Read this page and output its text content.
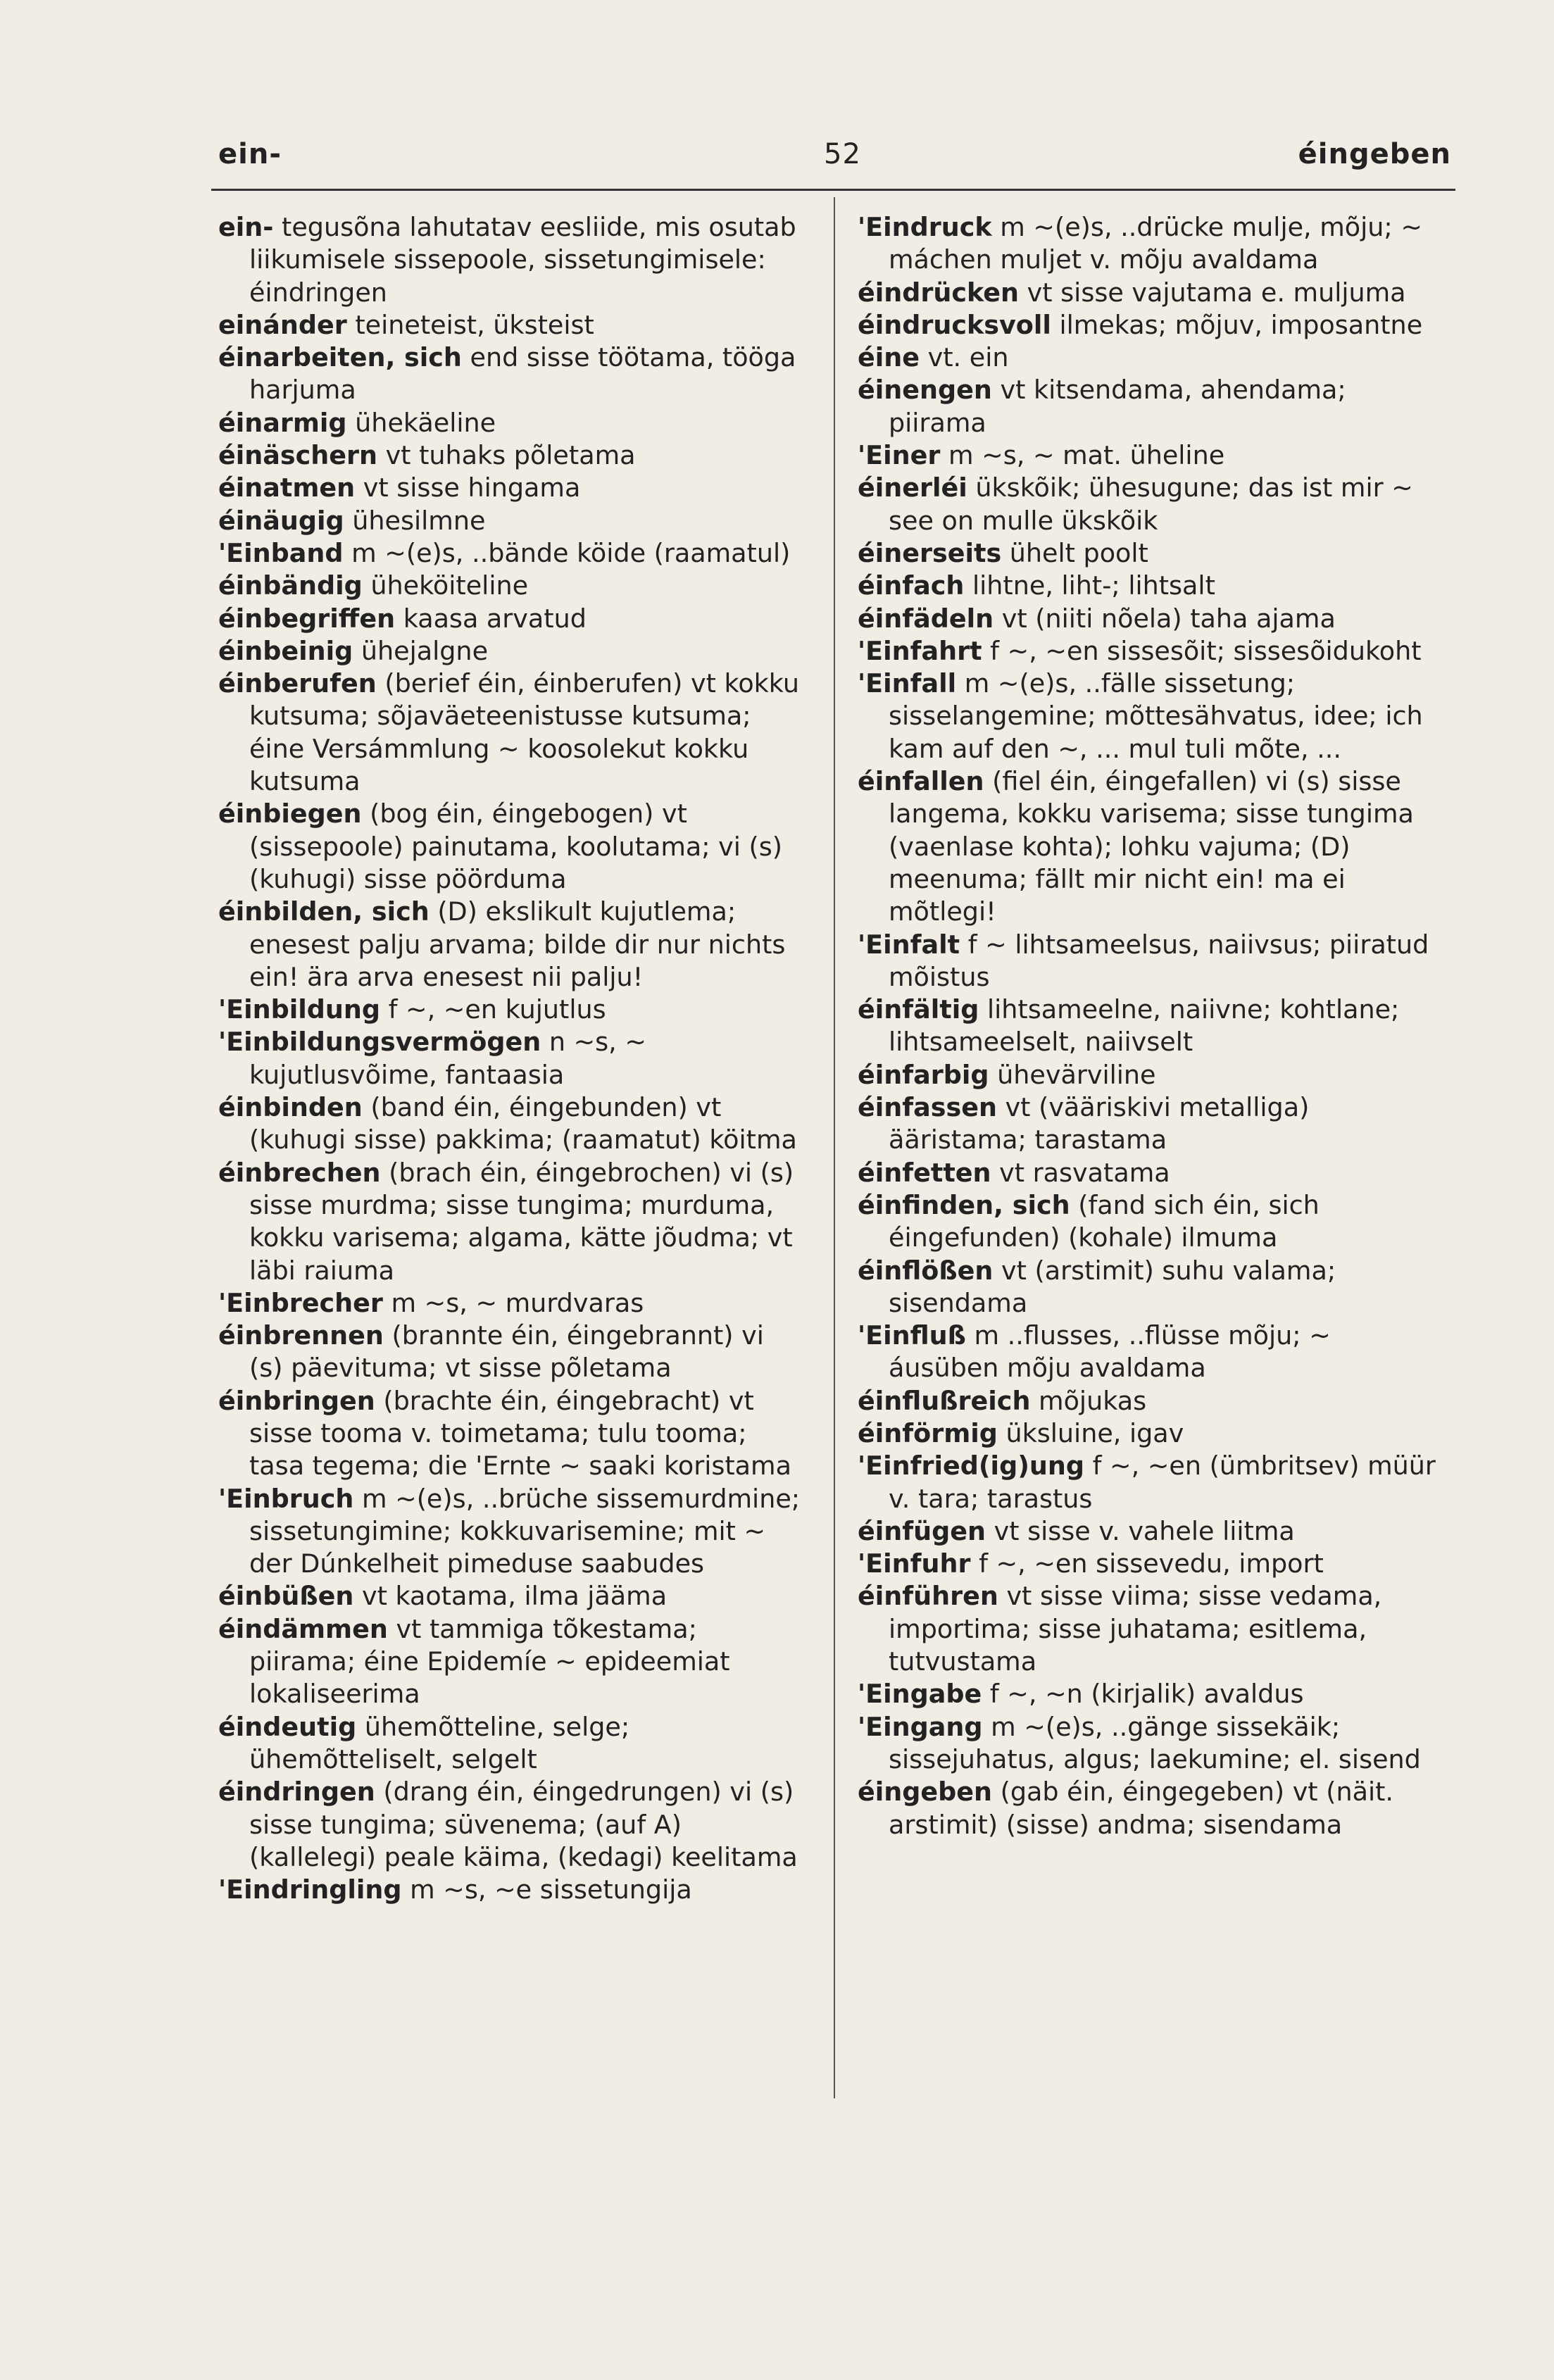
ein-	52	éingeben

ein- tegusõna lahutatav eesliide, mis osutab liikumisele sissepoole, sissetungimisele: éindringen

einánder teineteist, üksteist

éinarbeiten, sich end sisse töötama, tööga harjuma

éinarmig ühekäeline

éinäschern vt tuhaks põletama

éinatmen vt sisse hingama

éinäugig ühesilmne

'Einband m ~(e)s, ..bände köide (raamatul)

éinbändig üheköiteline

éinbegriffen kaasa arvatud

éinbeinig ühejalgne

éinberufen (berief éin, éinberufen) vt kokku kutsuma; sõjaväeteenistusse kutsuma; éine Versámmlung ~ koosolekut kokku kutsuma

éinbiegen (bog éin, éingebogen) vt (sissepoole) painutama, koolutama; vi (s) (kuhugi) sisse pöörduma

éinbilden, sich (D) ekslikult kujutlema; enesest palju arvama; bilde dir nur nichts ein! ära arva enesest nii palju!

'Einbildung f ~, ~en kujutlus

'Einbildungsvermögen n ~s, ~ kujutlusvõime, fantaasia

éinbinden (band éin, éingebunden) vt (kuhugi sisse) pakkima; (raamatut) köitma

éinbrechen (brach éin, éingebrochen) vi (s) sisse murdma; sisse tungima; murduma, kokku varisema; algama, kätte jõudma; vt läbi raiuma

'Einbrecher m ~s, ~ murdvaras

éinbrennen (brannte éin, éingebrannt) vi (s) päevituma; vt sisse põletama

éinbringen (brachte éin, éingebracht) vt sisse tooma v. toimetama; tulu tooma; tasa tegema; die 'Ernte ~ saaki koristama

'Einbruch m ~(e)s, ..brüche sissemurdmine; sissetungimine; kokkuvarisemine; mit ~ der Dúnkelheit pimeduse saabudes

éinbüßen vt kaotama, ilma jääma

éindämmen vt tammiga tõkestama; piirama; éine Epidemíe ~ epideemiat lokaliseerima

éindeutig ühemõtteline, selge; ühemõtteliselt, selgelt

éindringen (drang éin, éingedrungen) vi (s) sisse tungima; süvenema; (auf A) (kallelegi) peale käima, (kedagi) keelitama

'Eindringling m ~s, ~e sissetungija

'Eindruck m ~(e)s, ..drücke mulje, mõju; ~ máchen muljet v. mõju avaldama

éindrücken vt sisse vajutama e. muljuma

éindrucksvoll ilmekas; mõjuv, imposantne

éine vt. ein

éinengen vt kitsendama, ahendama; piirama

'Einer m ~s, ~ mat. üheline

éinerléi ükskõik; ühesugune; das ist mir ~ see on mulle ükskõik

éinerseits ühelt poolt

éinfach lihtne, liht-; lihtsalt

éinfädeln vt (niiti nõela) taha ajama

'Einfahrt f ~, ~en sissesõit; sissesõidukoht

'Einfall m ~(e)s, ..fälle sissetung; sisselangemine; mõttesähvatus, idee; ich kam auf den ~, ... mul tuli mõte, ...

éinfallen (fiel éin, éingefallen) vi (s) sisse langema, kokku varisema; sisse tungima (vaenlase kohta); lohku vajuma; (D) meenuma; fällt mir nicht ein! ma ei mõtlegi!

'Einfalt f ~ lihtsameelsus, naiivsus; piiratud mõistus

éinfältig lihtsameelne, naiivne; kohtlane; lihtsameelselt, naiivselt

éinfarbig ühevärviline

éinfassen vt (vääriskivi metalliga) ääristama; tarastama

éinfetten vt rasvatama

éinfinden, sich (fand sich éin, sich éingefunden) (kohale) ilmuma

éinflößen vt (arstimit) suhu valama; sisendama

'Einfluß m ..flusses, ..flüsse mõju; ~ áusüben mõju avaldama

éinflußreich mõjukas

éinförmig üksluine, igav

'Einfried(ig)ung f ~, ~en (ümbritsev) müür v. tara; tarastus

éinfügen vt sisse v. vahele liitma

'Einfuhr f ~, ~en sissevedu, import

éinführen vt sisse viima; sisse vedama, importima; sisse juhatama; esitlema, tutvustama

'Eingabe f ~, ~n (kirjalik) avaldus

'Eingang m ~(e)s, ..gänge sissekäik; sissejuhatus, algus; laekumine; el. sisend

éingeben (gab éin, éingegeben) vt (näit. arstimit) (sisse) andma; sisendama
